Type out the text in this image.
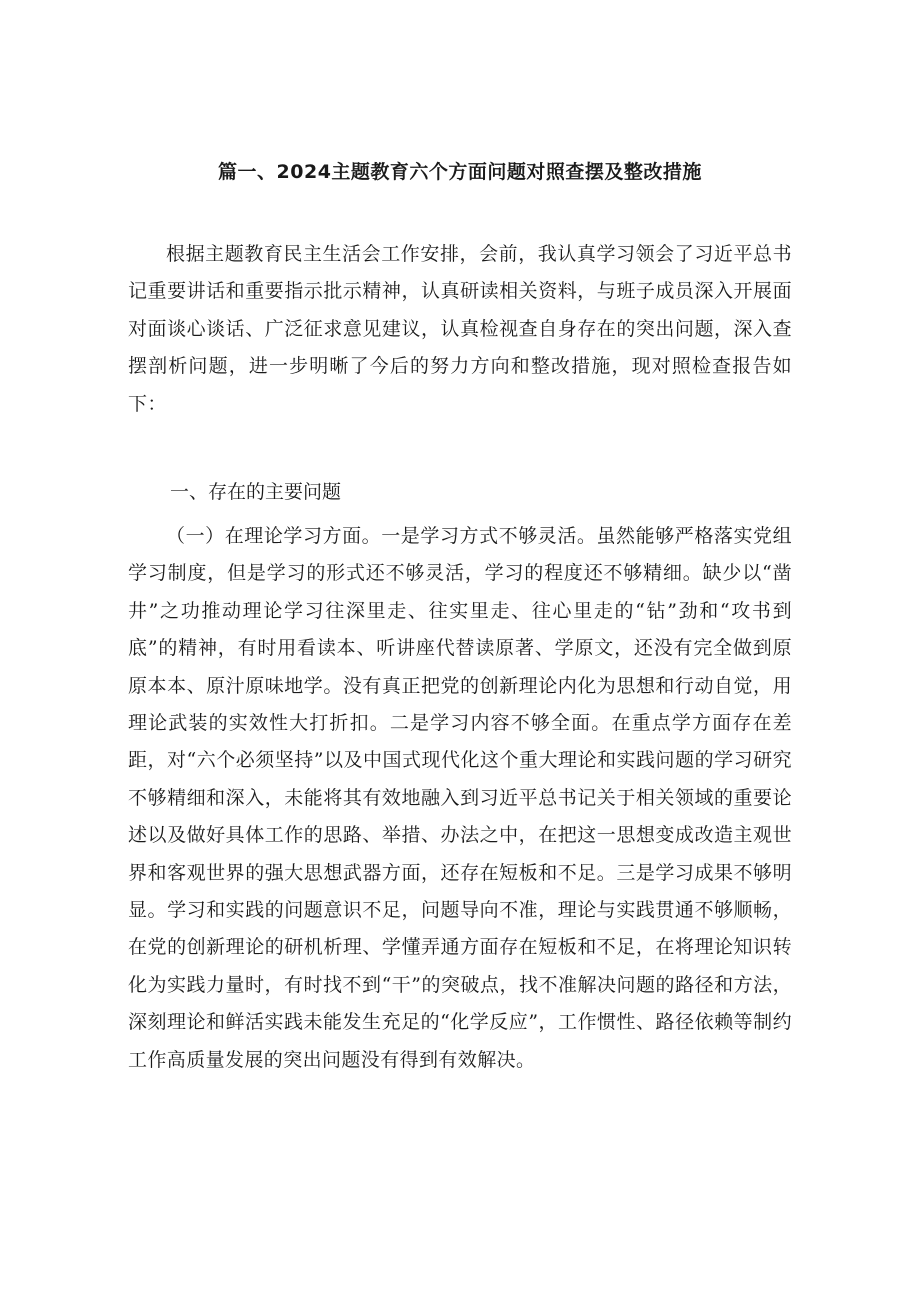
篇一、2024主题教育六个方面问题对照查摆及整改措施

根据主题教育民主生活会工作安排，会前，我认真学习领会了习近平总书记重要讲话和重要指示批示精神，认真研读相关资料，与班子成员深入开展面对面谈心谈话、广泛征求意见建议，认真检视查自身存在的突出问题，深入查摆剖析问题，进一步明晰了今后的努力方向和整改措施，现对照检查报告如下：

一、存在的主要问题

（一）在理论学习方面。一是学习方式不够灵活。虽然能够严格落实党组学习制度，但是学习的形式还不够灵活，学习的程度还不够精细。缺少以“凿井”之功推动理论学习往深里走、往实里走、往心里走的“钻”劲和“攻书到底”的精神，有时用看读本、听讲座代替读原著、学原文，还没有完全做到原原本本、原汁原味地学。没有真正把党的创新理论内化为思想和行动自觉，用理论武装的实效性大打折扣。二是学习内容不够全面。在重点学方面存在差距，对“六个必须坚持”以及中国式现代化这个重大理论和实践问题的学习研究不够精细和深入，未能将其有效地融入到习近平总书记关于相关领域的重要论述以及做好具体工作的思路、举措、办法之中，在把这一思想变成改造主观世界和客观世界的强大思想武器方面，还存在短板和不足。三是学习成果不够明显。学习和实践的问题意识不足，问题导向不准，理论与实践贯通不够顺畅，在党的创新理论的研机析理、学懂弄通方面存在短板和不足，在将理论知识转化为实践力量时，有时找不到“干”的突破点，找不准解决问题的路径和方法，深刻理论和鲜活实践未能发生充足的“化学反应”，工作惯性、路径依赖等制约工作高质量发展的突出问题没有得到有效解决。
